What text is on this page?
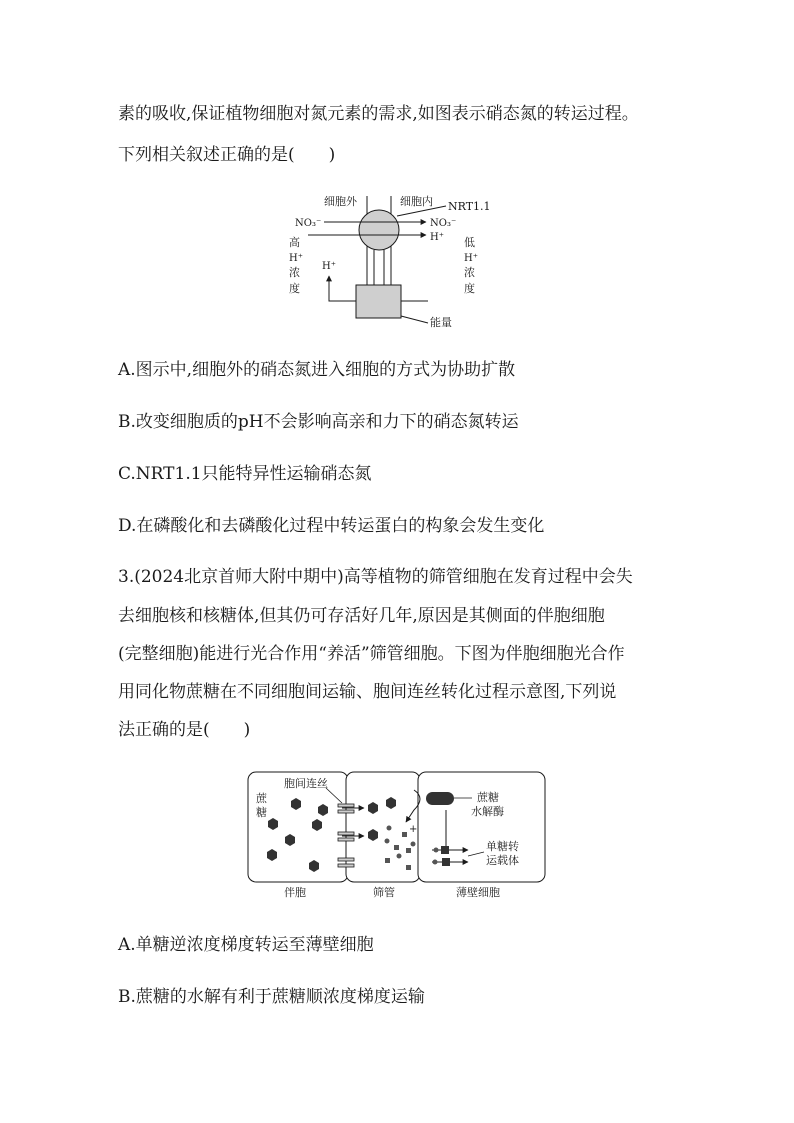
素的吸收,保证植物细胞对氮元素的需求,如图表示硝态氮的转运过程。
下列相关叙述正确的是(　　)
细胞外	细胞内 NRT1.1
NO₃⁻	NO₃⁻
H⁺
H⁺
高
H⁺
浓
度
低
H⁺
浓
度
能量
A.图示中,细胞外的硝态氮进入细胞的方式为协助扩散
B.改变细胞质的pH不会影响高亲和力下的硝态氮转运
C.NRT1.1只能特异性运输硝态氮
D.在磷酸化和去磷酸化过程中转运蛋白的构象会发生变化
3.(2024北京首师大附中期中)高等植物的筛管细胞在发育过程中会失
去细胞核和核糖体,但其仍可存活好几年,原因是其侧面的伴胞细胞
(完整细胞)能进行光合作用“养活”筛管细胞。下图为伴胞细胞光合作
用同化物蔗糖在不同细胞间运输、胞间连丝转化过程示意图,下列说
法正确的是(　　)
+
胞间连丝
蔗
糖
蔗糖
水解酶
单糖转
运载体
伴胞	筛管	薄壁细胞
A.单糖逆浓度梯度转运至薄壁细胞
B.蔗糖的水解有利于蔗糖顺浓度梯度运输
